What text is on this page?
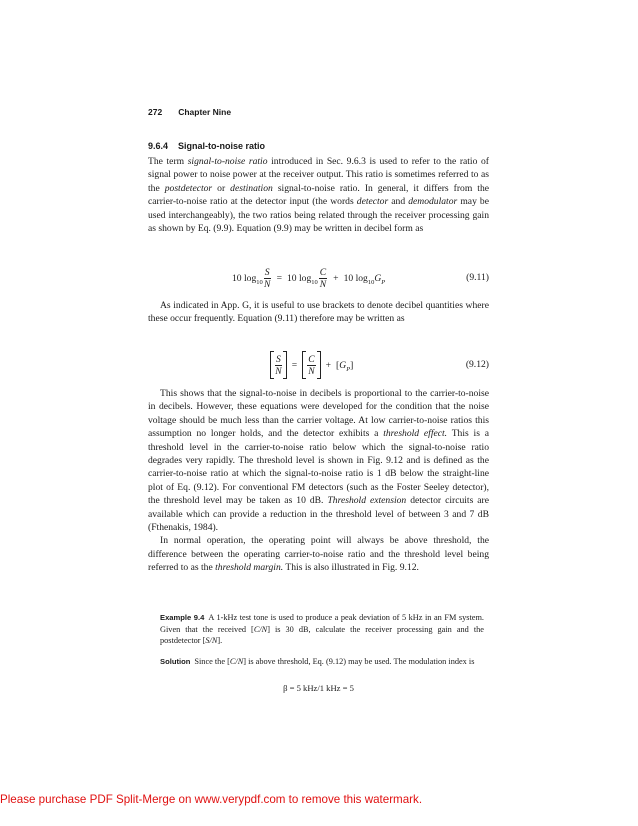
272 Chapter Nine
9.6.4 Signal-to-noise ratio

The term signal-to-noise ratio introduced in Sec. 9.6.3 is used to refer to the ratio of signal power to noise power at the receiver output. This ratio is sometimes referred to as the postdetector or destination signal-to-noise ratio. In general, it differs from the carrier-to-noise ratio at the detector input (the words detector and demodulator may be used interchangeably), the two ratios being related through the receiver processing gain as shown by Eq. (9.9). Equation (9.9) may be written in decibel form as

10 $\log 10 \frac{S}{N} = 10$ $\log 10 \frac{C}{N} + 10$ log 10 G P	(9.11)

As indicated in App. G, it is useful to use brackets to denote decibel quantities where these occur frequently. Equation (9.11) therefore may be written as

$\frac{S}{N} = \frac{C}{N}$ + [ G P ]	(9.12)

This shows that the signal-to-noise in decibels is proportional to the carrier-to-noise in decibels. However, these equations were developed for the condition that the noise voltage should be much less than the carrier voltage. At low carrier-to-noise ratios this assumption no longer holds, and the detector exhibits a threshold effect. This is a threshold level in the carrier-to-noise ratio below which the signal-to-noise ratio degrades very rapidly. The threshold level is shown in Fig. 9.12 and is defined as the carrier-to-noise ratio at which the signal-to-noise ratio is 1 dB below the straight-line plot of Eq. (9.12). For conventional FM detectors (such as the Foster Seeley detector), the threshold level may be taken as 10 dB. Threshold extension detector circuits are available which can provide a reduction in the threshold level of between 3 and 7 dB (Fthenakis, 1984).

In normal operation, the operating point will always be above threshold, the difference between the operating carrier-to-noise ratio and the threshold level being referred to as the threshold margin. This is also illustrated in Fig. 9.12.

Example 9.4 A 1-kHz test tone is used to produce a peak deviation of 5 kHz in an FM system. Given that the received [C/N] is 30 dB, calculate the receiver processing gain and the postdetector [S/N].

Solution Since the [C/N] is above threshold, Eq. (9.12) may be used. The modulation index is

β = 5 kHz/1 kHz = 5
Please purchase PDF Split-Merge on www.verypdf.com to remove this watermark.
